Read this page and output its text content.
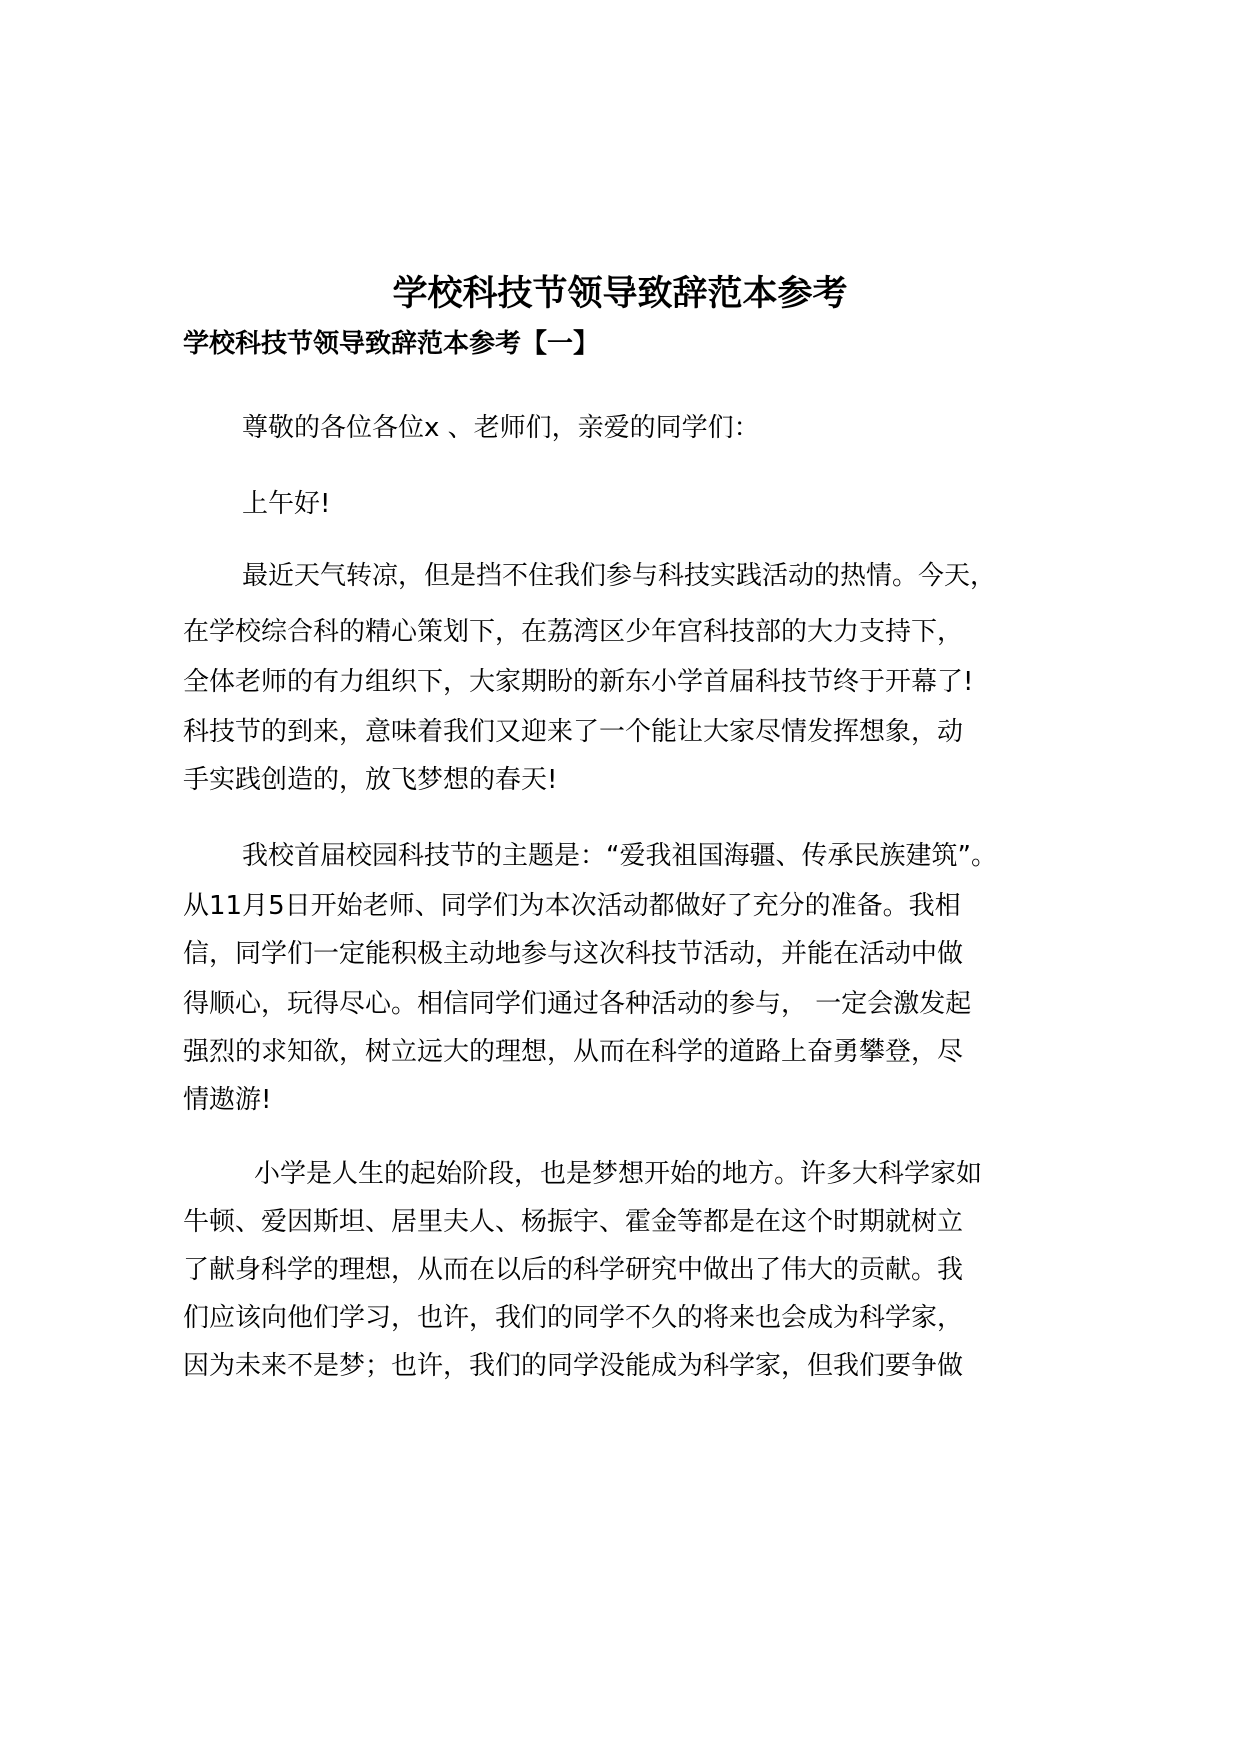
学校科技节领导致辞范本参考
学校科技节领导致辞范本参考【一】
尊敬的各位各位x 、老师们，亲爱的同学们：
上午好!
最近天气转凉，但是挡不住我们参与科技实践活动的热情。今天，
在学校综合科的精心策划下，在荔湾区少年宫科技部的大力支持下，
全体老师的有力组织下，大家期盼的新东小学首届科技节终于开幕了!
科技节的到来，意味着我们又迎来了一个能让大家尽情发挥想象，动
手实践创造的，放飞梦想的春天!
我校首届校园科技节的主题是：“爱我祖国海疆、传承民族建筑”。
从11月5日开始老师、同学们为本次活动都做好了充分的准备。我相
信，同学们一定能积极主动地参与这次科技节活动，并能在活动中做
得顺心，玩得尽心。相信同学们通过各种活动的参与， 一定会激发起
强烈的求知欲，树立远大的理想，从而在科学的道路上奋勇攀登，尽
情遨游!
小学是人生的起始阶段，也是梦想开始的地方。许多大科学家如
牛顿、爱因斯坦、居里夫人、杨振宇、霍金等都是在这个时期就树立
了献身科学的理想，从而在以后的科学研究中做出了伟大的贡献。我
们应该向他们学习，也许，我们的同学不久的将来也会成为科学家，
因为未来不是梦；也许，我们的同学没能成为科学家，但我们要争做
